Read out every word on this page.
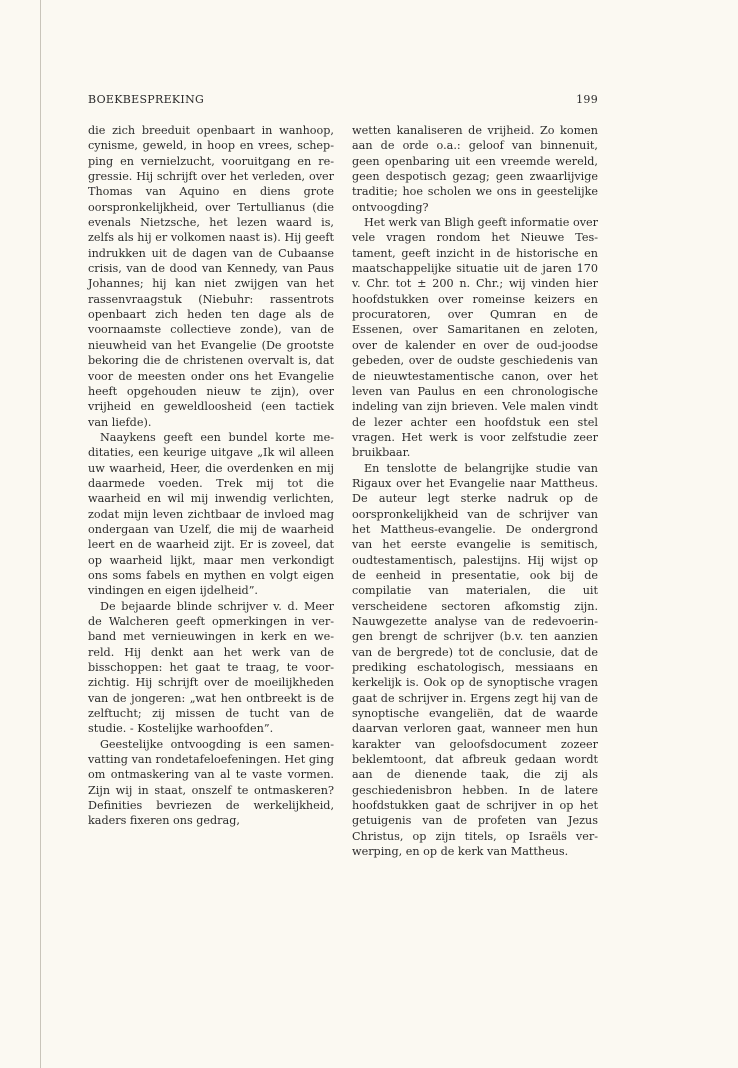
BOEKBESPREKING	199

die zich breeduit openbaart in wanhoop, cynisme, geweld, in hoop en vrees, schepping en vernielzucht, vooruitgang en regressie. Hij schrijft over het verleden, over Thomas van Aquino en diens grote oorspronkelijkheid, over Tertullianus (die evenals Nietzsche, het lezen waard is, zelfs als hij er volkomen naast is). Hij geeft indrukken uit de dagen van de Cubaanse crisis, van de dood van Kennedy, van Paus Johannes; hij kan niet zwijgen van het rassenvraagstuk (Niebuhr: rassentrots openbaart zich heden ten dage als de voornaamste collectieve zonde), van de nieuwheid van het Evangelie (De grootste bekoring die de christenen overvalt is, dat voor de meesten onder ons het Evangelie heeft opgehouden nieuw te zijn), over vrijheid en geweldloosheid (een tactiek van liefde).

Naaykens geeft een bundel korte meditaties, een keurige uitgave „Ik wil alleen uw waarheid, Heer, die overdenken en mij daarmede voeden. Trek mij tot die waarheid en wil mij inwendig verlichten, zodat mijn leven zichtbaar de invloed mag ondergaan van Uzelf, die mij de waarheid leert en de waarheid zijt. Er is zoveel, dat op waarheid lijkt, maar men verkondigt ons soms fabels en mythen en volgt eigen vindingen en eigen ijdelheid”.

De bejaarde blinde schrijver v. d. Meer de Walcheren geeft opmerkingen in verband met vernieuwingen in kerk en wereld. Hij denkt aan het werk van de bisschoppen: het gaat te traag, te voorzichtig. Hij schrijft over de moeilijkheden van de jongeren: „wat hen ontbreekt is de zelftucht; zij missen de tucht van de studie. - Kostelijke warhoofden”.

Geestelijke ontvoogding is een samenvatting van rondetafeloefeningen. Het ging om ontmaskering van al te vaste vormen. Zijn wij in staat, onszelf te ontmaskeren? Definities bevriezen de werkelijkheid, kaders fixeren ons gedrag,

wetten kanaliseren de vrijheid. Zo komen aan de orde o.a.: geloof van binnenuit, geen openbaring uit een vreemde wereld, geen despotisch gezag; geen zwaarlijvige traditie; hoe scholen we ons in geestelijke ontvoogding?

Het werk van Bligh geeft informatie over vele vragen rondom het Nieuwe Testament, geeft inzicht in de historische en maatschappelijke situatie uit de jaren 170 v. Chr. tot ± 200 n. Chr.; wij vinden hier hoofdstukken over romeinse keizers en procuratoren, over Qumran en de Essenen, over Samaritanen en zeloten, over de kalender en over de oud-joodse gebeden, over de oudste geschiedenis van de nieuwtestamentische canon, over het leven van Paulus en een chronologische indeling van zijn brieven. Vele malen vindt de lezer achter een hoofdstuk een stel vragen. Het werk is voor zelfstudie zeer bruikbaar.

En tenslotte de belangrijke studie van Rigaux over het Evangelie naar Mattheus. De auteur legt sterke nadruk op de oorspronkelijkheid van de schrijver van het Mattheus-evangelie. De ondergrond van het eerste evangelie is semitisch, oudtestamentisch, palestijns. Hij wijst op de eenheid in presentatie, ook bij de compilatie van materialen, die uit verscheidene sectoren afkomstig zijn. Nauwgezette analyse van de redevoeringen brengt de schrijver (b.v. ten aanzien van de bergrede) tot de conclusie, dat de prediking eschatologisch, messiaans en kerkelijk is. Ook op de synoptische vragen gaat de schrijver in. Ergens zegt hij van de synoptische evangeliën, dat de waarde daarvan verloren gaat, wanneer men hun karakter van geloofsdocument zozeer beklemtoont, dat afbreuk gedaan wordt aan de dienende taak, die zij als geschiedenisbron hebben. In de latere hoofdstukken gaat de schrijver in op het getuigenis van de profeten van Jezus Christus, op zijn titels, op Israëls verwerping, en op de kerk van Mattheus.
